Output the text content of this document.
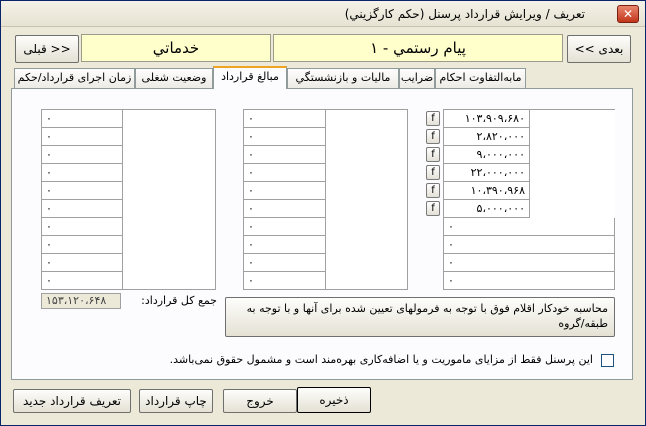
تعريف / ويرايش قرارداد پرسنل (حکم کارگزيني)	✕
<< بعدی
پيام رستمي - ۱
خدماتي
قبلی >>
مابه‌التفاوت احکام
ضرايب
ماليات و بازنشستگي
مبالغ قرارداد
وضعيت شغلی
زمان اجرای قرارداد/حکم
f
f
f
f
f
f
۱۰۳،۹۰۹،۶۸۰
۲،۸۲۰،۰۰۰
۹،۰۰۰،۰۰۰
۲۲،۰۰۰،۰۰۰
۱۰،۳۹۰،۹۶۸
۵،۰۰۰،۰۰۰
۰
۰
۰
۰
۰
۰
۰
۰
۰
۰
۰
۰
۰
۰
۰
۰
۰
۰
۰
۰
۰
۰
۰
۰
۱۵۳،۱۲۰،۶۴۸	جمع کل قرارداد:
محاسبه خودکار اقلام فوق با توجه به فرمولهای تعيين شده برای آنها و با توجه به طبقه/گروه
اين پرسنل فقط از مزايای ماموريت و يا اضافه‌کاری بهره‌مند است و مشمول حقوق نمی‌باشد.
ذخيره
خروج
چاپ قرارداد
تعريف قرارداد جديد
